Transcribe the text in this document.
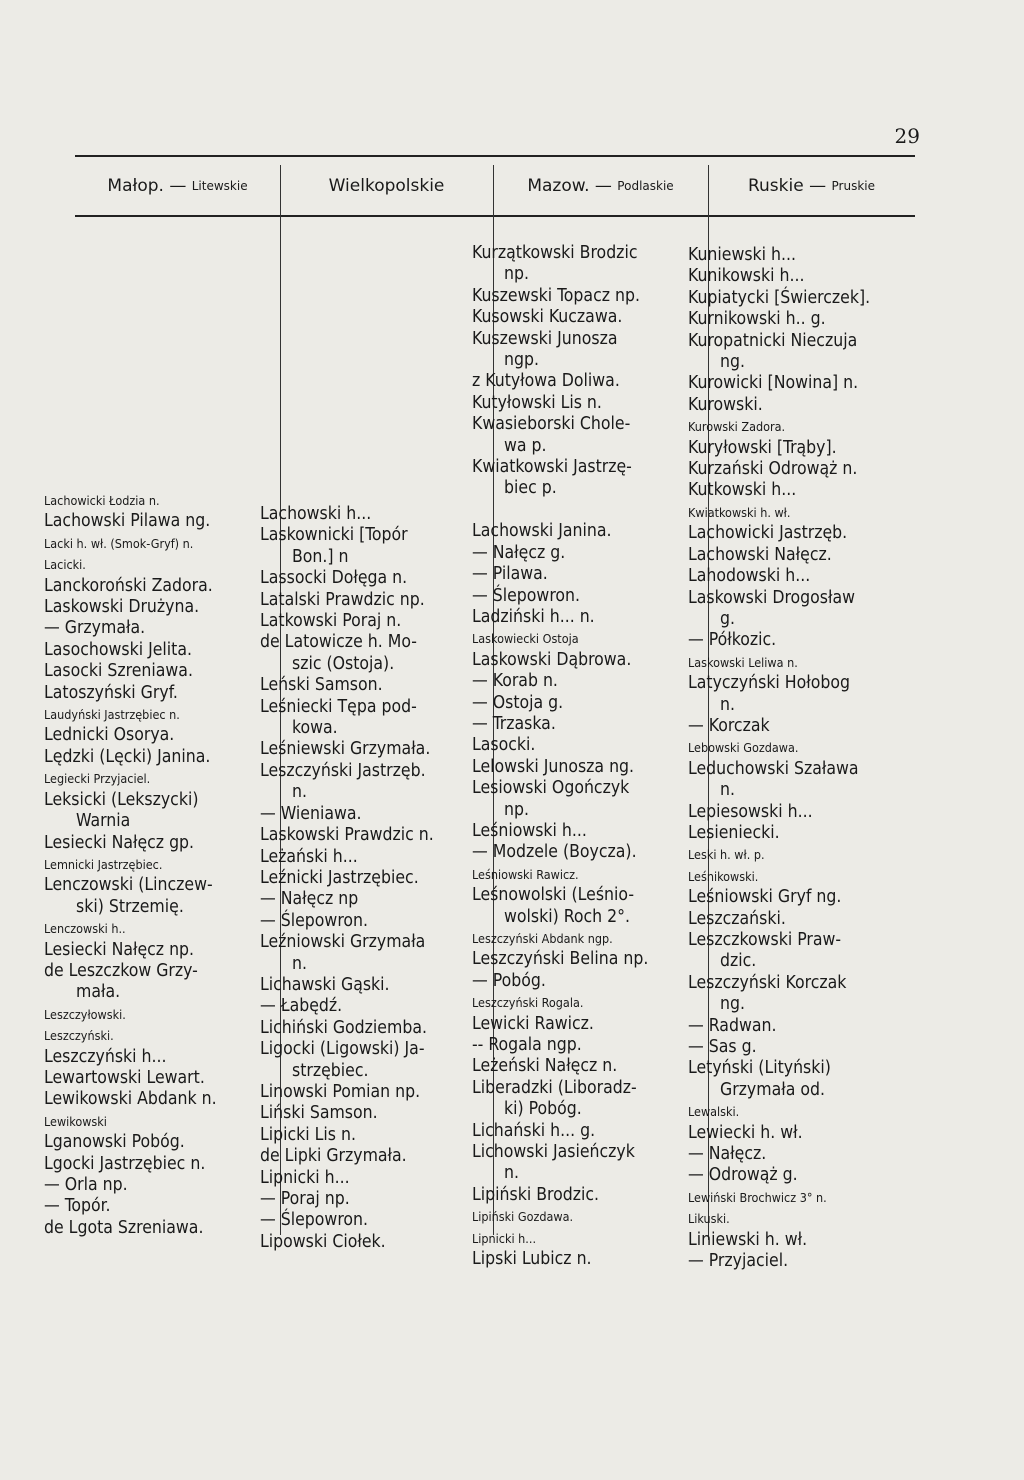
29
Małop. — Litewskie	Wielkopolskie	Mazow. — Podlaskie	Ruskie — Pruskie

Lachowicki Łodzia n.

Lachowski Pilawa ng.

Lacki h. wł. (Smok-Gryf) n.

Lacicki.

Lanckoroński Zadora.

Laskowski Drużyna.

— Grzymała.

Lasochowski Jelita.

Lasocki Szreniawa.

Latoszyński Gryf.

Laudyński Jastrzębiec n.

Lednicki Osorya.

Lędzki (Lęcki) Janina.

Legiecki Przyjaciel.

Leksicki (Lekszycki)

Warnia

Lesiecki Nałęcz gp.

Lemnicki Jastrzębiec.

Lenczowski (Linczew-

ski) Strzemię.

Lenczowski h..

Lesiecki Nałęcz np.

de Leszczkow Grzy-

mała.

Leszczyłowski.

Leszczyński.

Leszczyński h...

Lewartowski Lewart.

Lewikowski Abdank n.

Lewikowski

Lganowski Pobóg.

Lgocki Jastrzębiec n.

— Orla np.

— Topór.

de Lgota Szreniawa.

Lachowski h...

Laskownicki [Topór

Bon.] n

Lassocki Dołęga n.

Latalski Prawdzic np.

Latkowski Poraj n.

de Latowicze h. Mo-

szic (Ostoja).

Leński Samson.

Leśniecki Tępa pod-

kowa.

Leśniewski Grzymała.

Leszczyński Jastrzęb.

n.

— Wieniawa.

Laskowski Prawdzic n.

Leżański h...

Leźnicki Jastrzębiec.

— Nałęcz np

— Ślepowron.

Leźniowski Grzymała

n.

Lichawski Gąski.

— Łabędź.

Lichiński Godziemba.

Ligocki (Ligowski) Ja-

strzębiec.

Linowski Pomian np.

Liński Samson.

Lipicki Lis n.

de Lipki Grzymała.

Lipnicki h...

— Poraj np.

— Ślepowron.

Lipowski Ciołek.

Kurzątkowski Brodzic

np.

Kuszewski Topacz np.

Kusowski Kuczawa.

Kuszewski Junosza

ngp.

z Kutyłowa Doliwa.

Kutyłowski Lis n.

Kwasieborski Chole-

wa p.

Kwiatkowski Jastrzę-

biec p.

Lachowski Janina.

— Nałęcz g.

— Pilawa.

— Ślepowron.

Ladziński h... n.

Laskowiecki Ostoja

Laskowski Dąbrowa.

— Korab n.

— Ostoja g.

— Trzaska.

Lasocki.

Lelowski Junosza ng.

Lesiowski Ogończyk

np.

Leśniowski h...

— Modzele (Boycza).

Leśniowski Rawicz.

Leśnowolski (Leśnio-

wolski) Roch 2°.

Leszczyński Abdank ngp.

Leszczyński Belina np.

— Pobóg.

Leszczyński Rogala.

Lewicki Rawicz.

-- Rogala ngp.

Leżeński Nałęcz n.

Liberadzki (Liboradz-

ki) Pobóg.

Lichański h... g.

Lichowski Jasieńczyk

n.

Lipiński Brodzic.

Lipiński Gozdawa.

Lipnicki h...

Lipski Lubicz n.

Kuniewski h...

Kunikowski h...

Kupiatycki [Świerczek].

Kurnikowski h.. g.

Kuropatnicki Nieczuja

ng.

Kurowicki [Nowina] n.

Kurowski.

Kurowski Zadora.

Kuryłowski [Trąby].

Kurzański Odrowąż n.

Kutkowski h...

Kwiatkowski h. wł.

Lachowicki Jastrzęb.

Lachowski Nałęcz.

Lahodowski h...

Laskowski Drogosław

g.

— Półkozic.

Laskowski Leliwa n.

Latyczyński Hołobog

n.

— Korczak

Lebowski Gozdawa.

Leduchowski Szaława

n.

Lepiesowski h...

Lesieniecki.

Leski h. wł. p.

Leśnikowski.

Leśniowski Gryf ng.

Leszczański.

Leszczkowski Praw-

dzic.

Leszczyński Korczak

ng.

— Radwan.

— Sas g.

Letyński (Lityński)

Grzymała od.

Lewalski.

Lewiecki h. wł.

— Nałęcz.

— Odrowąż g.

Lewiński Brochwicz 3° n.

Likuski.

Liniewski h. wł.

— Przyjaciel.
